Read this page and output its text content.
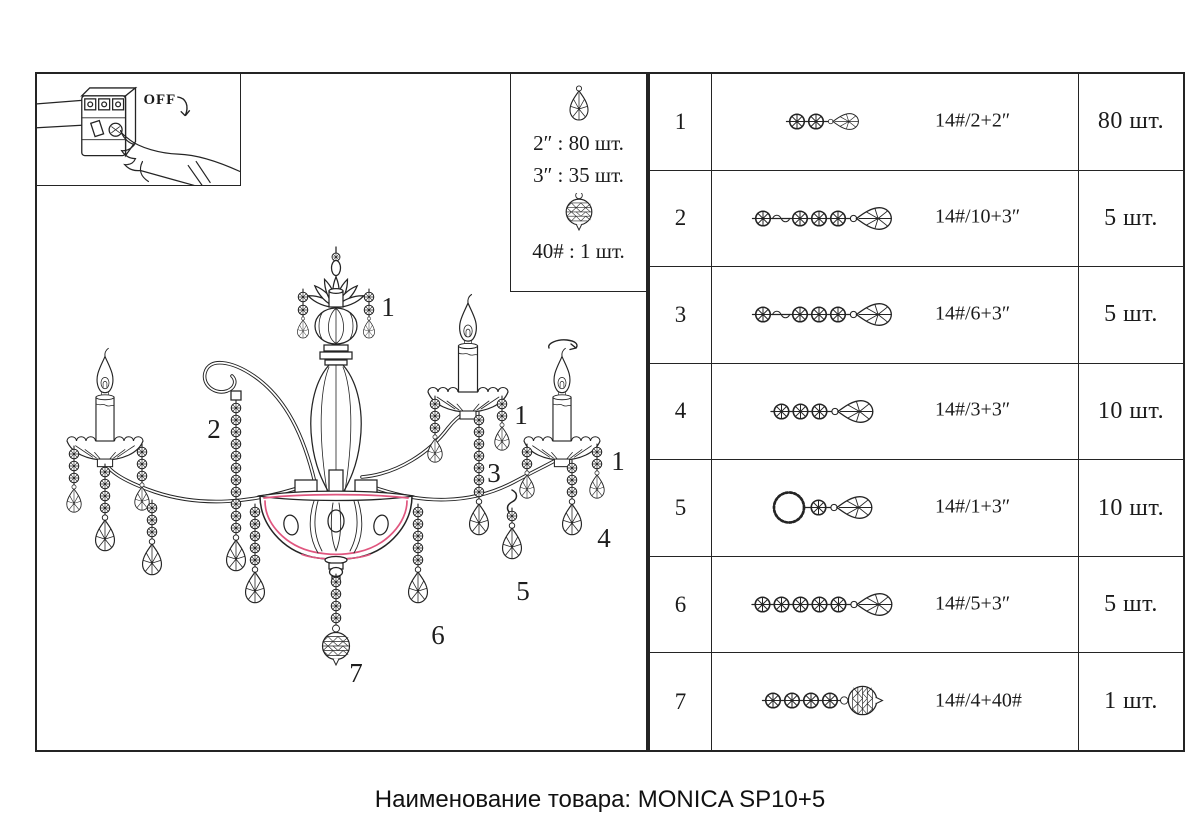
1
2	1
3	1
4
5
6
7
OFF
2″ : 80 шт.
3″ : 35 шт.
40# : 1 шт.
1	14#/2+2″	80 шт.
2	14#/10+3″	5 шт.
3	14#/6+3″	5 шт.
4	14#/3+3″	10 шт.
5	14#/1+3″	10 шт.
6	14#/5+3″	5 шт.
7	14#/4+40#	1 шт.
Наименование товара: MONICA SP10+5
